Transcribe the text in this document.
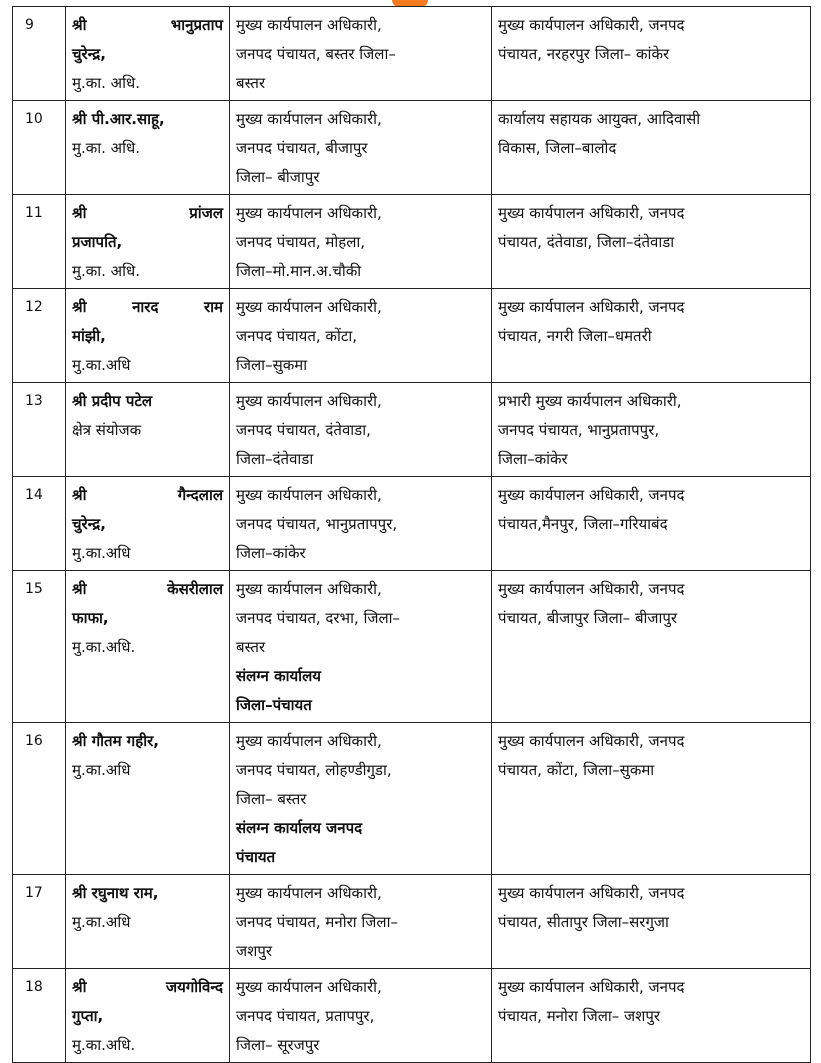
9	श्री भानुप्रताप
चुरेन्द्र,
मु.का. अधि.	मुख्य कार्यपालन अधिकारी,
जनपद पंचायत, बस्तर जिला–
बस्तर	मुख्य कार्यपालन अधिकारी, जनपद
पंचायत, नरहरपुर जिला– कांकेर

10	श्री पी.आर.साहू,
मु.का. अधि.	मुख्य कार्यपालन अधिकारी,
जनपद पंचायत, बीजापुर
जिला– बीजापुर	कार्यालय सहायक आयुक्त, आदिवासी
विकास, जिला–बालोद

11	श्री प्रांजल
प्रजापति,
मु.का. अधि.	मुख्य कार्यपालन अधिकारी,
जनपद पंचायत, मोहला,
जिला–मो.मान.अ.चौकी	मुख्य कार्यपालन अधिकारी, जनपद
पंचायत, दंतेवाडा, जिला–दंतेवाडा

12	श्री नारद राम
मांझी,
मु.का.अधि	मुख्य कार्यपालन अधिकारी,
जनपद पंचायत, कोंटा,
जिला–सुकमा	मुख्य कार्यपालन अधिकारी, जनपद
पंचायत, नगरी जिला–धमतरी

13	श्री प्रदीप पटेल
क्षेत्र संयोजक	मुख्य कार्यपालन अधिकारी,
जनपद पंचायत, दंतेवाडा,
जिला–दंतेवाडा	प्रभारी मुख्य कार्यपालन अधिकारी,
जनपद पंचायत, भानुप्रतापपुर,
जिला–कांकेर

14	श्री गैन्दलाल
चुरेन्द्र,
मु.का.अधि	मुख्य कार्यपालन अधिकारी,
जनपद पंचायत, भानुप्रतापपुर,
जिला–कांकेर	मुख्य कार्यपालन अधिकारी, जनपद
पंचायत,मैनपुर, जिला–गरियाबंद

15	श्री केसरीलाल
फाफा,
मु.का.अधि.	मुख्य कार्यपालन अधिकारी,
जनपद पंचायत, दरभा, जिला–
बस्तर
संलग्न कार्यालय
जिला–पंचायत	मुख्य कार्यपालन अधिकारी, जनपद
पंचायत, बीजापुर जिला– बीजापुर

16	श्री गौतम गहीर,
मु.का.अधि	मुख्य कार्यपालन अधिकारी,
जनपद पंचायत, लोहण्डीगुडा,
जिला– बस्तर
संलग्न कार्यालय जनपद
पंचायत	मुख्य कार्यपालन अधिकारी, जनपद
पंचायत, कोंटा, जिला–सुकमा

17	श्री रघुनाथ राम,
मु.का.अधि	मुख्य कार्यपालन अधिकारी,
जनपद पंचायत, मनोरा जिला–
जशपुर	मुख्य कार्यपालन अधिकारी, जनपद
पंचायत, सीतापुर जिला–सरगुजा

18	श्री जयगोविन्द
गुप्ता,
मु.का.अधि.	मुख्य कार्यपालन अधिकारी,
जनपद पंचायत, प्रतापपुर,
जिला– सूरजपुर	मुख्य कार्यपालन अधिकारी, जनपद
पंचायत, मनोरा जिला– जशपुर
